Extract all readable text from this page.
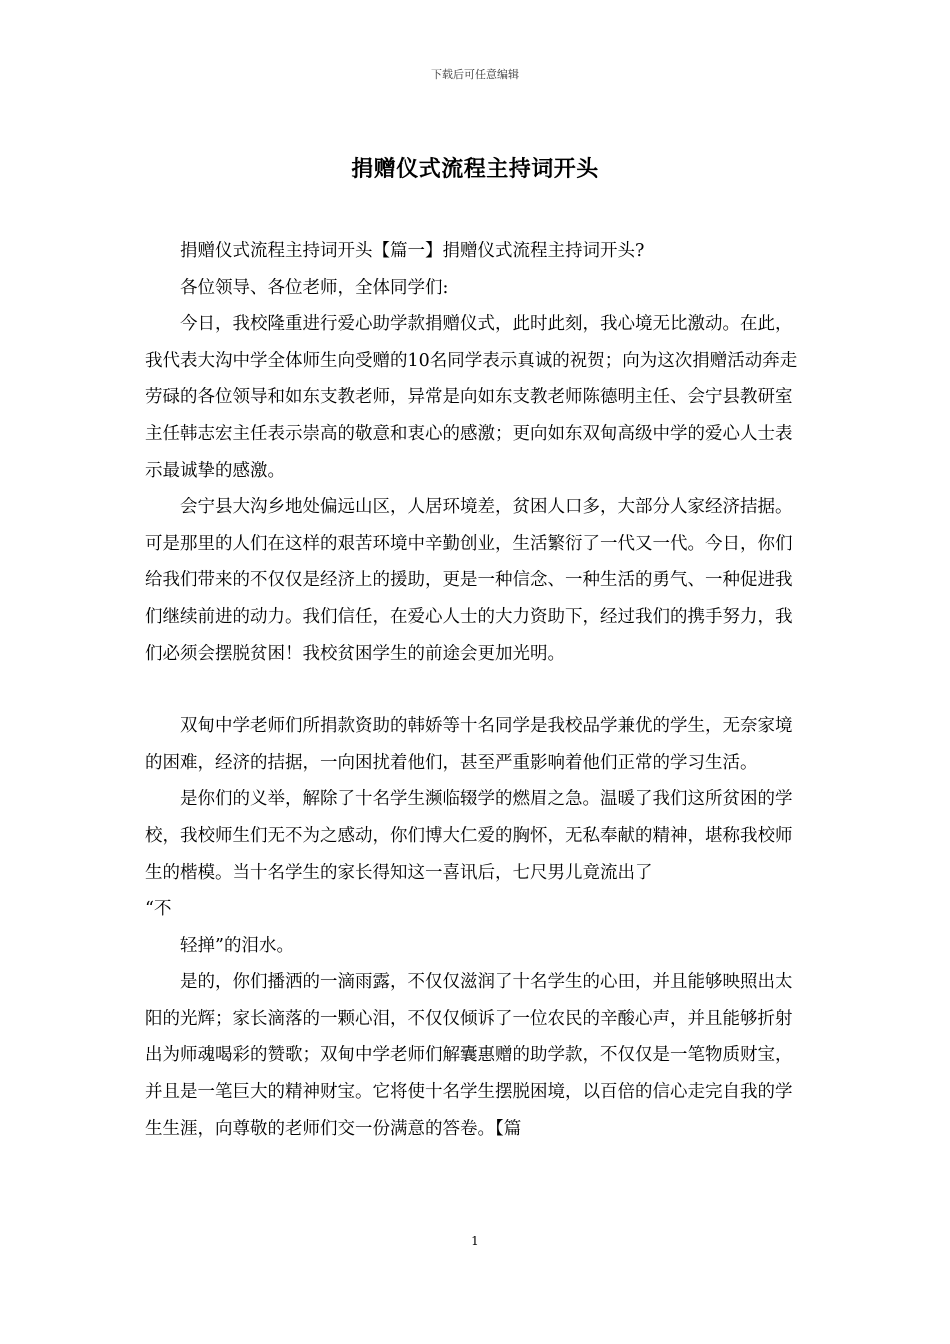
下载后可任意编辑
捐赠仪式流程主持词开头

捐赠仪式流程主持词开头【篇一】捐赠仪式流程主持词开头?

各位领导、各位老师，全体同学们:

今日，我校隆重进行爱心助学款捐赠仪式，此时此刻，我心境无比激动。在此，我代表大沟中学全体师生向受赠的10名同学表示真诚的祝贺；向为这次捐赠活动奔走劳碌的各位领导和如东支教老师，异常是向如东支教老师陈德明主任、会宁县教研室主任韩志宏主任表示崇高的敬意和衷心的感激；更向如东双甸高级中学的爱心人士表示最诚挚的感激。

会宁县大沟乡地处偏远山区，人居环境差，贫困人口多，大部分人家经济拮据。可是那里的人们在这样的艰苦环境中辛勤创业，生活繁衍了一代又一代。今日，你们给我们带来的不仅仅是经济上的援助，更是一种信念、一种生活的勇气、一种促进我们继续前进的动力。我们信任，在爱心人士的大力资助下，经过我们的携手努力，我们必须会摆脱贫困！我校贫困学生的前途会更加光明。

双甸中学老师们所捐款资助的韩娇等十名同学是我校品学兼优的学生，无奈家境的困难，经济的拮据，一向困扰着他们，甚至严重影响着他们正常的学习生活。

是你们的义举，解除了十名学生濒临辍学的燃眉之急。温暖了我们这所贫困的学校，我校师生们无不为之感动，你们博大仁爱的胸怀，无私奉献的精神，堪称我校师生的楷模。当十名学生的家长得知这一喜讯后，七尺男儿竟流出了

“不

轻掸”的泪水。

是的，你们播洒的一滴雨露，不仅仅滋润了十名学生的心田，并且能够映照出太阳的光辉；家长滴落的一颗心泪，不仅仅倾诉了一位农民的辛酸心声，并且能够折射出为师魂喝彩的赞歌；双甸中学老师们解囊惠赠的助学款，不仅仅是一笔物质财宝，并且是一笔巨大的精神财宝。它将使十名学生摆脱困境，以百倍的信心走完自我的学生生涯，向尊敬的老师们交一份满意的答卷。【篇

1
